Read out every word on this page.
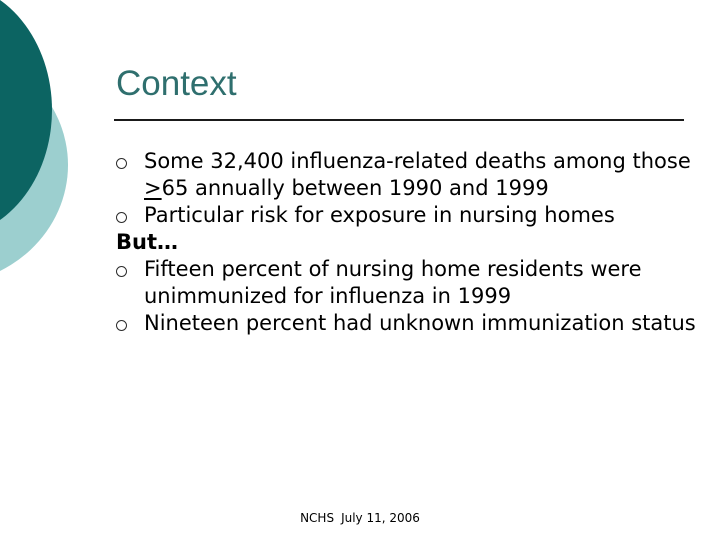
Context
Some 32,400 influenza-related deaths among those ≥65 annually between 1990 and 1999
Particular risk for exposure in nursing homes
But…
Fifteen percent of nursing home residents were unimmunized for influenza in 1999
Nineteen percent had unknown immunization status
NCHS July 11, 2006
